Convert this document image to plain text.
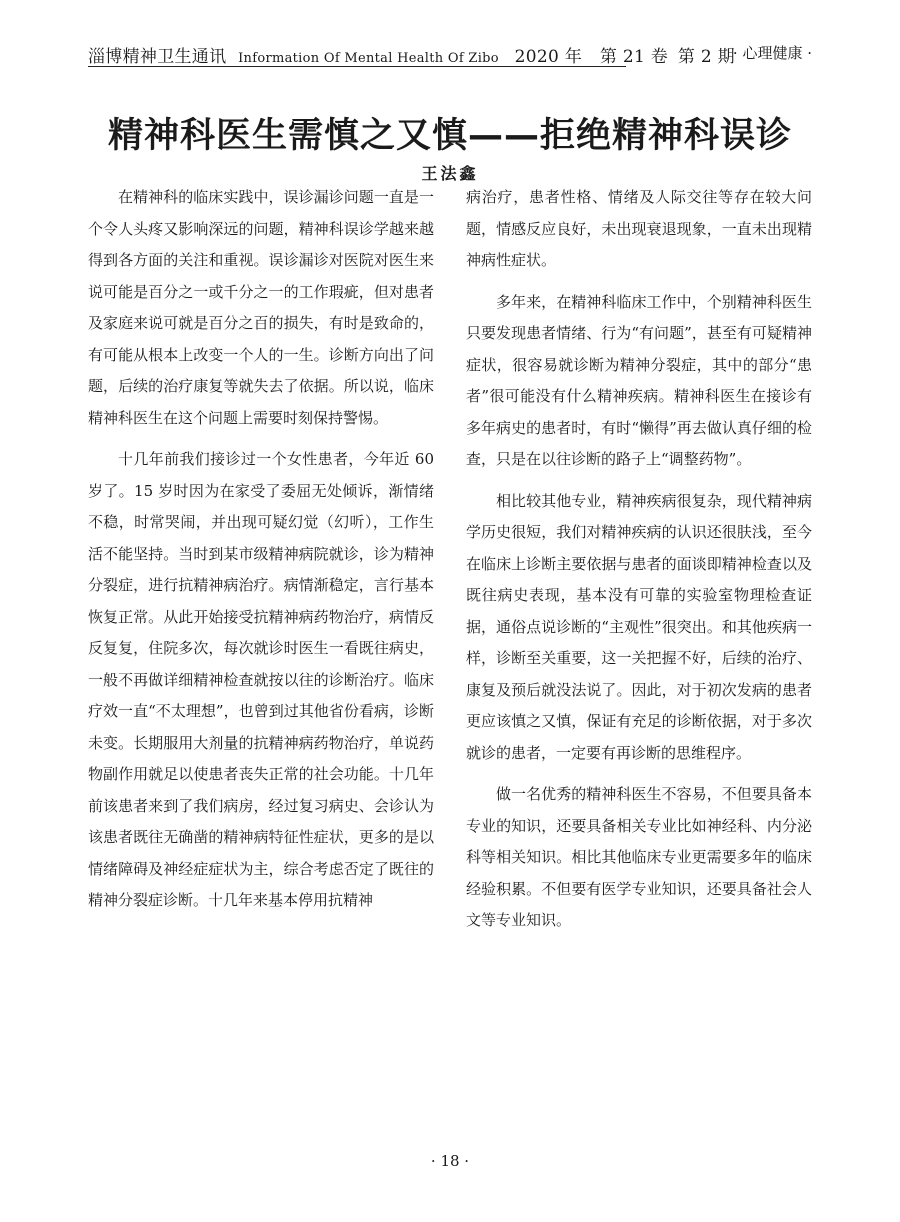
淄博精神卫生通讯 Information Of Mental Health Of Zibo 2020 年 第 21 卷 第 2 期
· 心理健康 ·
精神科医生需慎之又慎——拒绝精神科误诊
王法鑫

在精神科的临床实践中，误诊漏诊问题一直是一个令人头疼又影响深远的问题，精神科误诊学越来越得到各方面的关注和重视。误诊漏诊对医院对医生来说可能是百分之一或千分之一的工作瑕疵，但对患者及家庭来说可就是百分之百的损失，有时是致命的，有可能从根本上改变一个人的一生。诊断方向出了问题，后续的治疗康复等就失去了依据。所以说，临床精神科医生在这个问题上需要时刻保持警惕。

十几年前我们接诊过一个女性患者，今年近 60 岁了。15 岁时因为在家受了委屈无处倾诉，渐情绪不稳，时常哭闹，并出现可疑幻觉（幻听），工作生活不能坚持。当时到某市级精神病院就诊，诊为精神分裂症，进行抗精神病治疗。病情渐稳定，言行基本恢复正常。从此开始接受抗精神病药物治疗，病情反反复复，住院多次，每次就诊时医生一看既往病史，一般不再做详细精神检查就按以往的诊断治疗。临床疗效一直“不太理想”，也曾到过其他省份看病，诊断未变。长期服用大剂量的抗精神病药物治疗，单说药物副作用就足以使患者丧失正常的社会功能。十几年前该患者来到了我们病房，经过复习病史、会诊认为该患者既往无确凿的精神病特征性症状，更多的是以情绪障碍及神经症症状为主，综合考虑否定了既往的精神分裂症诊断。十几年来基本停用抗精神

病治疗，患者性格、情绪及人际交往等存在较大问题，情感反应良好，未出现衰退现象，一直未出现精神病性症状。

多年来，在精神科临床工作中，个别精神科医生只要发现患者情绪、行为“有问题”，甚至有可疑精神症状，很容易就诊断为精神分裂症，其中的部分“患者”很可能没有什么精神疾病。精神科医生在接诊有多年病史的患者时，有时“懒得”再去做认真仔细的检查，只是在以往诊断的路子上“调整药物”。

相比较其他专业，精神疾病很复杂，现代精神病学历史很短，我们对精神疾病的认识还很肤浅，至今在临床上诊断主要依据与患者的面谈即精神检查以及既往病史表现，基本没有可靠的实验室物理检查证据，通俗点说诊断的“主观性”很突出。和其他疾病一样，诊断至关重要，这一关把握不好，后续的治疗、康复及预后就没法说了。因此，对于初次发病的患者更应该慎之又慎，保证有充足的诊断依据，对于多次就诊的患者，一定要有再诊断的思维程序。

做一名优秀的精神科医生不容易，不但要具备本专业的知识，还要具备相关专业比如神经科、内分泌科等相关知识。相比其他临床专业更需要多年的临床经验积累。不但要有医学专业知识，还要具备社会人文等专业知识。

· 18 ·
